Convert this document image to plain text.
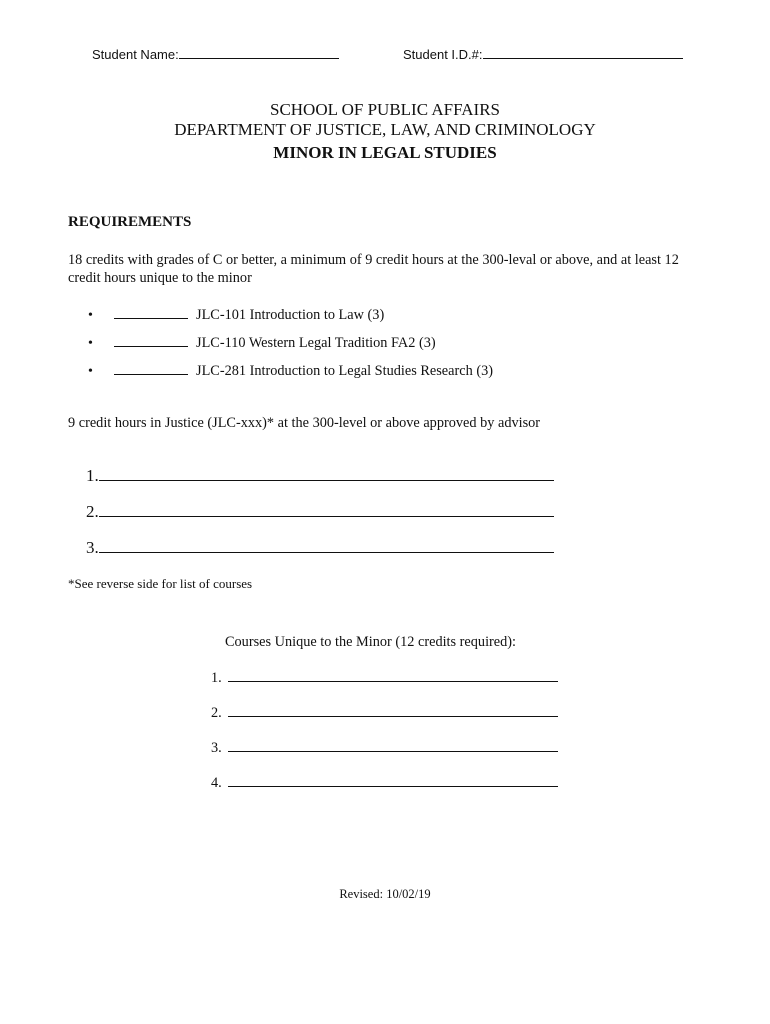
Student Name:	Student I.D.#:
SCHOOL OF PUBLIC AFFAIRS
DEPARTMENT OF JUSTICE, LAW, AND CRIMINOLOGY
MINOR IN LEGAL STUDIES
REQUIREMENTS
18 credits with grades of C or better, a minimum of 9 credit hours at the 300-leval or above, and at least 12 credit hours unique to the minor
•	JLC-101 Introduction to Law (3)
•	JLC-110 Western Legal Tradition FA2 (3)
•	JLC-281 Introduction to Legal Studies Research (3)
9 credit hours in Justice (JLC-xxx)* at the 300-level or above approved by advisor
1.
2.
3.
*See reverse side for list of courses
Courses Unique to the Minor (12 credits required):
1.
2.
3.
4.
Revised: 10/02/19
